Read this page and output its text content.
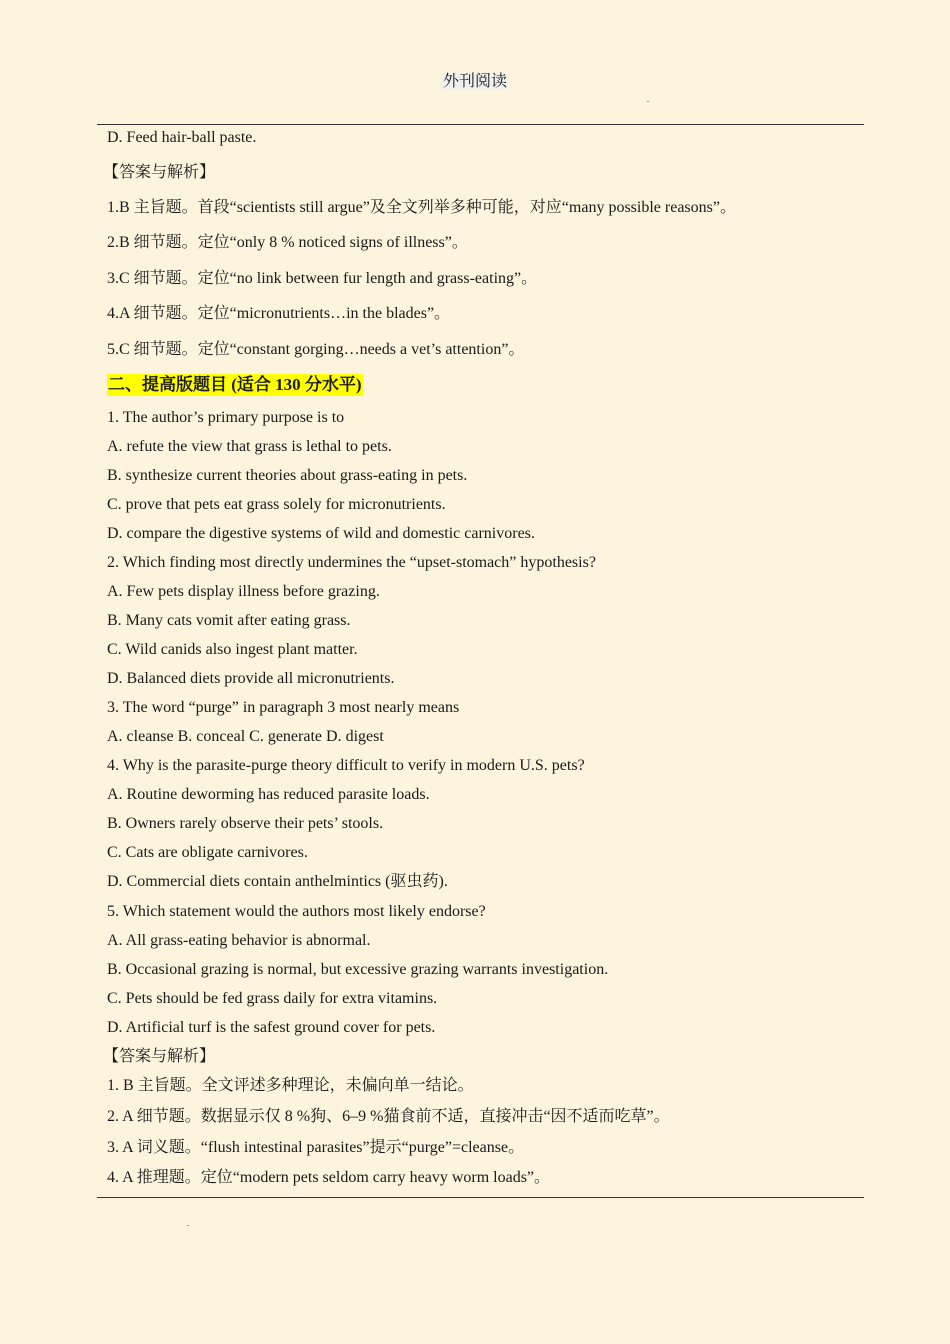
外刊阅读
D. Feed hair-ball paste.
【答案与解析】
1.B 主旨题。首段“scientists still argue”及全文列举多种可能，对应“many possible reasons”。
2.B 细节题。定位“only 8 % noticed signs of illness”。
3.C 细节题。定位“no link between fur length and grass-eating”。
4.A 细节题。定位“micronutrients…in the blades”。
5.C 细节题。定位“constant gorging…needs a vet’s attention”。
二、提高版题目 (适合 130 分水平)
1. The author’s primary purpose is to
A. refute the view that grass is lethal to pets.
B. synthesize current theories about grass-eating in pets.
C. prove that pets eat grass solely for micronutrients.
D. compare the digestive systems of wild and domestic carnivores.
2. Which finding most directly undermines the “upset-stomach” hypothesis?
A. Few pets display illness before grazing.
B. Many cats vomit after eating grass.
C. Wild canids also ingest plant matter.
D. Balanced diets provide all micronutrients.
3. The word “purge” in paragraph 3 most nearly means
A. cleanse B. conceal C. generate D. digest
4. Why is the parasite-purge theory difficult to verify in modern U.S. pets?
A. Routine deworming has reduced parasite loads.
B. Owners rarely observe their pets’ stools.
C. Cats are obligate carnivores.
D. Commercial diets contain anthelmintics (驱虫药).
5. Which statement would the authors most likely endorse?
A. All grass-eating behavior is abnormal.
B. Occasional grazing is normal, but excessive grazing warrants investigation.
C. Pets should be fed grass daily for extra vitamins.
D. Artificial turf is the safest ground cover for pets.
【答案与解析】
1. B 主旨题。全文评述多种理论，未偏向单一结论。
2. A 细节题。数据显示仅 8 %狗、6–9 %猫食前不适，直接冲击“因不适而吃草”。
3. A 词义题。“flush intestinal parasites”提示“purge”=cleanse。
4. A 推理题。定位“modern pets seldom carry heavy worm loads”。
